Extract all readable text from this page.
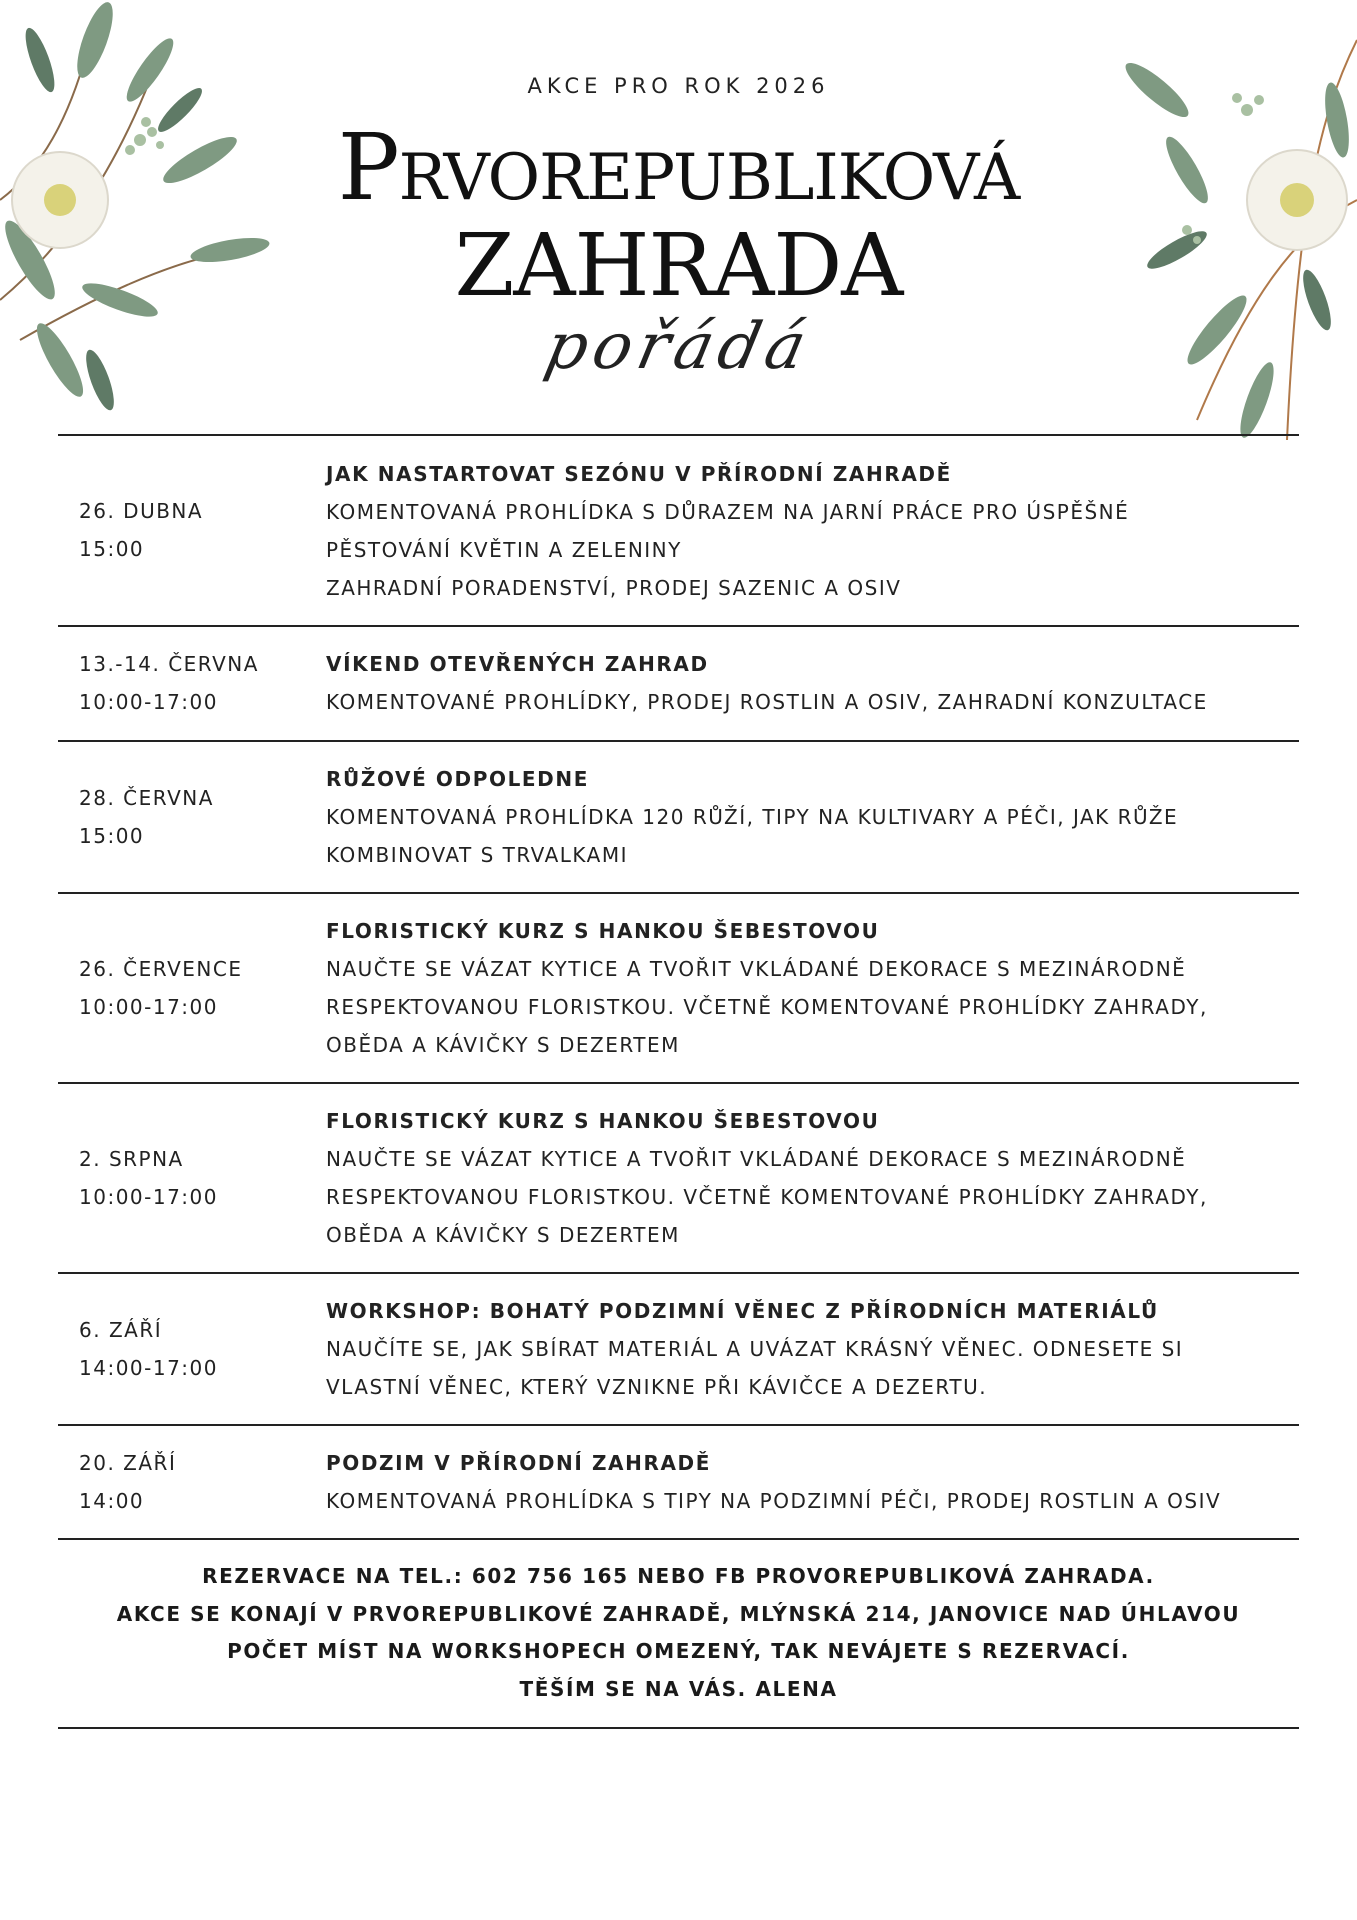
AKCE PRO ROK 2026
Prvorepubliková
ZAHRADA
pořádá
26. DUBNA
15:00
JAK NASTARTOVAT SEZÓNU V PŘÍRODNÍ ZAHRADĚ
KOMENTOVANÁ PROHLÍDKA S DŮRAZEM NA JARNÍ PRÁCE PRO ÚSPĚŠNÉ
PĚSTOVÁNÍ KVĚTIN A ZELENINY
ZAHRADNÍ PORADENSTVÍ, PRODEJ SAZENIC A OSIV
13.-14. ČERVNA
10:00-17:00
VÍKEND OTEVŘENÝCH ZAHRAD
KOMENTOVANÉ PROHLÍDKY, PRODEJ ROSTLIN A OSIV, ZAHRADNÍ KONZULTACE
28. ČERVNA
15:00
RŮŽOVÉ ODPOLEDNE
KOMENTOVANÁ PROHLÍDKA 120 RŮŽÍ, TIPY NA KULTIVARY A PÉČI, JAK RŮŽE
KOMBINOVAT S TRVALKAMI
26. ČERVENCE
10:00-17:00
FLORISTICKÝ KURZ S HANKOU ŠEBESTOVOU
NAUČTE SE VÁZAT KYTICE A TVOŘIT VKLÁDANÉ DEKORACE S MEZINÁRODNĚ
RESPEKTOVANOU FLORISTKOU. VČETNĚ KOMENTOVANÉ PROHLÍDKY ZAHRADY,
OBĚDA A KÁVIČKY S DEZERTEM
2. SRPNA
10:00-17:00
FLORISTICKÝ KURZ S HANKOU ŠEBESTOVOU
NAUČTE SE VÁZAT KYTICE A TVOŘIT VKLÁDANÉ DEKORACE S MEZINÁRODNĚ
RESPEKTOVANOU FLORISTKOU. VČETNĚ KOMENTOVANÉ PROHLÍDKY ZAHRADY,
OBĚDA A KÁVIČKY S DEZERTEM
6. ZÁŘÍ
14:00-17:00
WORKSHOP: BOHATÝ PODZIMNÍ VĚNEC Z PŘÍRODNÍCH MATERIÁLŮ
NAUČÍTE SE, JAK SBÍRAT MATERIÁL A UVÁZAT KRÁSNÝ VĚNEC. ODNESETE SI
VLASTNÍ VĚNEC, KTERÝ VZNIKNE PŘI KÁVIČCE A DEZERTU.
20. ZÁŘÍ
14:00
PODZIM V PŘÍRODNÍ ZAHRADĚ
KOMENTOVANÁ PROHLÍDKA S TIPY NA PODZIMNÍ PÉČI, PRODEJ ROSTLIN A OSIV
REZERVACE NA TEL.: 602 756 165 NEBO FB PROVOREPUBLIKOVÁ ZAHRADA.
AKCE SE KONAJÍ V PRVOREPUBLIKOVÉ ZAHRADĚ, MLÝNSKÁ 214, JANOVICE NAD ÚHLAVOU
POČET MÍST NA WORKSHOPECH OMEZENÝ, TAK NEVÁJETE S REZERVACÍ.
TĚŠÍM SE NA VÁS. ALENA
